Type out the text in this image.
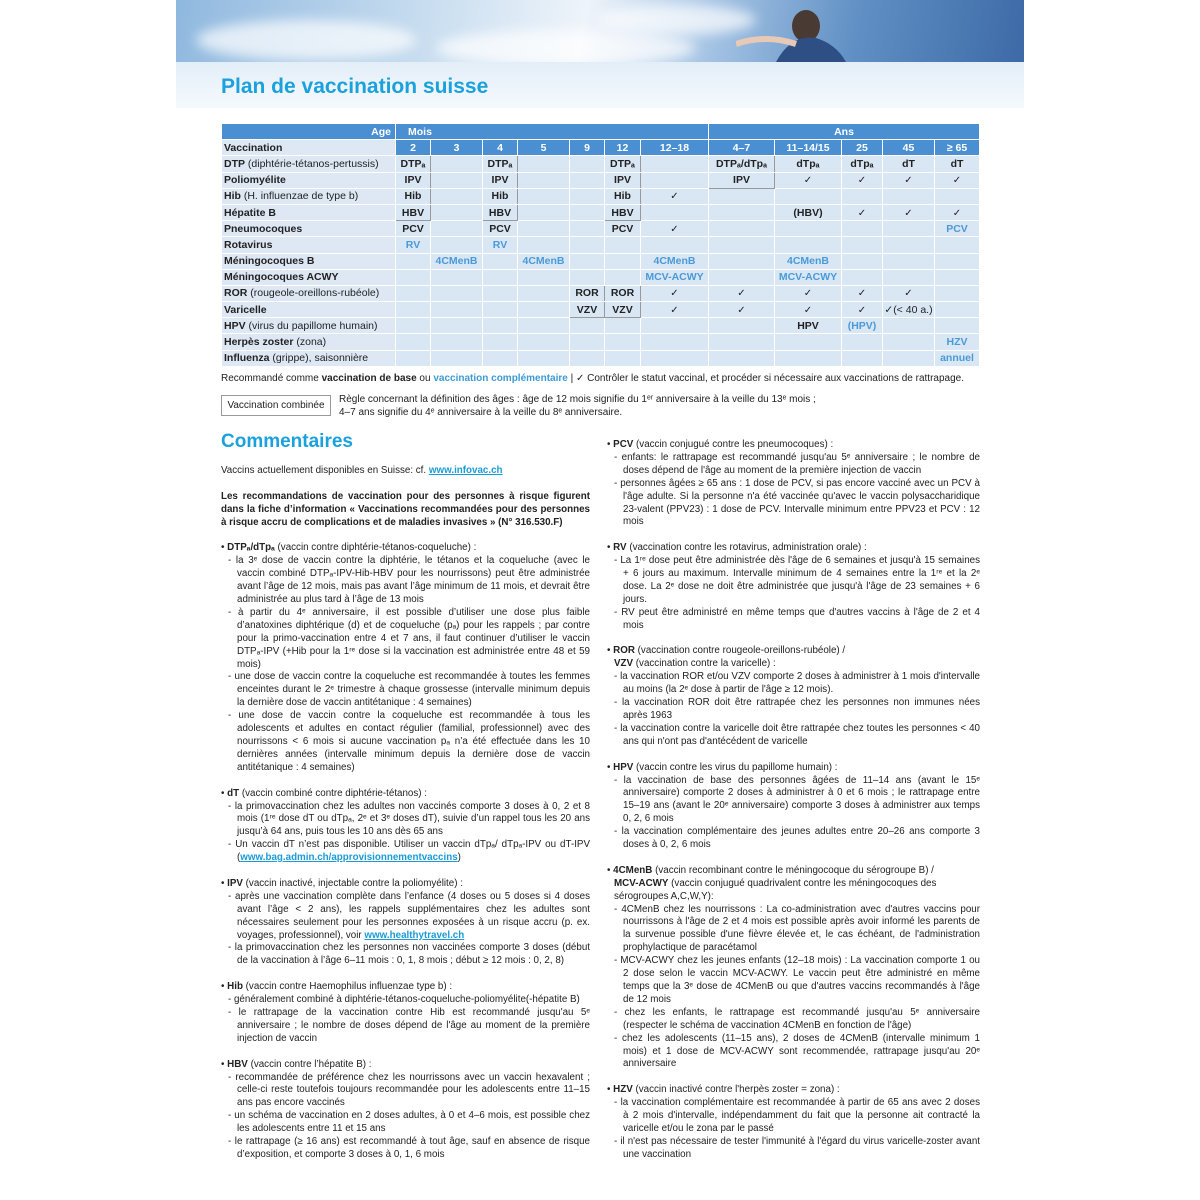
Plan de vaccination suisse
Age	Mois							Ans				
Vaccination	2	3	4	5	9	12	12–18	4–7	11–14/15	25	45	≥ 65
DTP (diphtérie-tétanos-pertussis)	DTPₐ		DTPₐ			DTPₐ		DTPₐ/dTpₐ	dTpₐ	dTpₐ	dT	dT
Poliomyélite	IPV		IPV			IPV		IPV	✓	✓	✓	✓
Hib (H. influenzae de type b)	Hib		Hib			Hib	✓					
Hépatite B	HBV		HBV			HBV			(HBV)	✓	✓	✓
Pneumocoques	PCV		PCV			PCV	✓					PCV
Rotavirus	RV		RV									
Méningocoques B		4CMenB		4CMenB			4CMenB		4CMenB			
Méningocoques ACWY							MCV-ACWY		MCV-ACWY			
ROR (rougeole-oreillons-rubéole)					ROR	ROR	✓	✓	✓	✓	✓	
Varicelle					VZV	VZV	✓	✓	✓	✓	✓(< 40 a.)	
HPV (virus du papillome humain)									HPV	(HPV)		
Herpès zoster (zona)												HZV
Influenza (grippe), saisonnière												annuel
Recommandé comme vaccination de base ou vaccination complémentaire | ✓ Contrôler le statut vaccinal, et procéder si nécessaire aux vaccinations de rattrapage.
Vaccination combinée
Règle concernant la définition des âges : âge de 12 mois signifie du 1ᵉʳ anniversaire à la veille du 13ᵉ mois ;
4–7 ans signifie du 4ᵉ anniversaire à la veille du 8ᵉ anniversaire.
Commentaires

Vaccins actuellement disponibles en Suisse: cf. www.infovac.ch

Les recommandations de vaccination pour des personnes à risque figurent dans la fiche d’information « Vaccinations recommandées pour des personnes à risque accru de complications et de maladies invasives » (N° 316.530.F)

• DTPₐ/dTpₐ (vaccin contre diphtérie-tétanos-coqueluche) :
- la 3ᵉ dose de vaccin contre la diphtérie, le tétanos et la coqueluche (avec le vaccin combiné DTPₐ-IPV-Hib-HBV pour les nourrissons) peut être administrée avant l’âge de 12 mois, mais pas avant l’âge minimum de 11 mois, et devrait être administrée au plus tard à l’âge de 13 mois
- à partir du 4ᵉ anniversaire, il est possible d’utiliser une dose plus faible d’anatoxines diphtérique (d) et de coqueluche (pₐ) pour les rappels ; par contre pour la primo-vaccination entre 4 et 7 ans, il faut continuer d’utiliser le vaccin DTPₐ-IPV (+Hib pour la 1ʳᵉ dose si la vaccination est administrée entre 48 et 59 mois)
- une dose de vaccin contre la coqueluche est recommandée à toutes les femmes enceintes durant le 2ᵉ trimestre à chaque grossesse (intervalle minimum depuis la dernière dose de vaccin antitétanique : 4 semaines)
- une dose de vaccin contre la coqueluche est recommandée à tous les adolescents et adultes en contact régulier (familial, professionnel) avec des nourrissons < 6 mois si aucune vaccination pₐ n’a été effectuée dans les 10 dernières années (intervalle minimum depuis la dernière dose de vaccin antitétanique : 4 semaines)
• dT (vaccin combiné contre diphtérie-tétanos) :
- la primovaccination chez les adultes non vaccinés comporte 3 doses à 0, 2 et 8 mois (1ʳᵉ dose dT ou dTpₐ, 2ᵉ et 3ᵉ doses dT), suivie d’un rappel tous les 20 ans jusqu’à 64 ans, puis tous les 10 ans dès 65 ans
- Un vaccin dT n’est pas disponible. Utiliser un vaccin dTpₐ/ dTpₐ-IPV ou dT-IPV (www.bag.admin.ch/approvisionnementvaccins)
• IPV (vaccin inactivé, injectable contre la poliomyélite) :
- après une vaccination complète dans l’enfance (4 doses ou 5 doses si 4 doses avant l’âge < 2 ans), les rappels supplémentaires chez les adultes sont nécessaires seulement pour les personnes exposées à un risque accru (p. ex. voyages, professionnel), voir www.healthytravel.ch
- la primovaccination chez les personnes non vaccinées comporte 3 doses (début de la vaccination à l’âge 6–11 mois : 0, 1, 8 mois ; début ≥ 12 mois : 0, 2, 8)
• Hib (vaccin contre Haemophilus influenzae type b) :
- généralement combiné à diphtérie-tétanos-coqueluche-poliomyélite(-hépatite B)
- le rattrapage de la vaccination contre Hib est recommandé jusqu'au 5ᵉ anniversaire ; le nombre de doses dépend de l'âge au moment de la première injection de vaccin
• HBV (vaccin contre l’hépatite B) :
- recommandée de préférence chez les nourrissons avec un vaccin hexavalent ; celle-ci reste toutefois toujours recommandée pour les adolescents entre 11–15 ans pas encore vaccinés
- un schéma de vaccination en 2 doses adultes, à 0 et 4–6 mois, est possible chez les adolescents entre 11 et 15 ans
- le rattrapage (≥ 16 ans) est recommandé à tout âge, sauf en absence de risque d’exposition, et comporte 3 doses à 0, 1, 6 mois
• PCV (vaccin conjugué contre les pneumocoques) :
- enfants: le rattrapage est recommandé jusqu'au 5ᵉ anniversaire ; le nombre de doses dépend de l'âge au moment de la première injection de vaccin
- personnes âgées ≥ 65 ans : 1 dose de PCV, si pas encore vacciné avec un PCV à l'âge adulte. Si la personne n'a été vaccinée qu'avec le vaccin polysaccharidique 23-valent (PPV23) : 1 dose de PCV. Intervalle minimum entre PPV23 et PCV : 12 mois
• RV (vaccination contre les rotavirus, administration orale) :
- La 1ʳᵉ dose peut être administrée dès l'âge de 6 semaines et jusqu'à 15 semaines + 6 jours au maximum. Intervalle minimum de 4 semaines entre la 1ʳᵉ et la 2ᵉ dose. La 2ᵉ dose ne doit être administrée que jusqu'à l'âge de 23 semaines + 6 jours.
- RV peut être administré en même temps que d'autres vaccins à l'âge de 2 et 4 mois
• ROR (vaccination contre rougeole-oreillons-rubéole) /
VZV (vaccination contre la varicelle) :
- la vaccination ROR et/ou VZV comporte 2 doses à administrer à 1 mois d'intervalle au moins (la 2ᵉ dose à partir de l'âge ≥ 12 mois).
- la vaccination ROR doit être rattrapée chez les personnes non immunes nées après 1963
- la vaccination contre la varicelle doit être rattrapée chez toutes les personnes < 40 ans qui n'ont pas d'antécédent de varicelle
• HPV (vaccin contre les virus du papillome humain) :
- la vaccination de base des personnes âgées de 11–14 ans (avant le 15ᵉ anniversaire) comporte 2 doses à administrer à 0 et 6 mois ; le rattrapage entre 15–19 ans (avant le 20ᵉ anniversaire) comporte 3 doses à administrer aux temps 0, 2, 6 mois
- la vaccination complémentaire des jeunes adultes entre 20–26 ans comporte 3 doses à 0, 2, 6 mois
• 4CMenB (vaccin recombinant contre le méningocoque du sérogroupe B) /
MCV-ACWY (vaccin conjugué quadrivalent contre les méningocoques des sérogroupes A,C,W,Y):
- 4CMenB chez les nourrissons : La co-administration avec d'autres vaccins pour nourrissons à l'âge de 2 et 4 mois est possible après avoir informé les parents de la survenue possible d'une fièvre élevée et, le cas échéant, de l'administration prophylactique de paracétamol
- MCV-ACWY chez les jeunes enfants (12–18 mois) : La vaccination comporte 1 ou 2 dose selon le vaccin MCV-ACWY. Le vaccin peut être administré en même temps que la 3ᵉ dose de 4CMenB ou que d'autres vaccins recommandés à l'âge de 12 mois
- chez les enfants, le rattrapage est recommandé jusqu'au 5ᵉ anniversaire (respecter le schéma de vaccination 4CMenB en fonction de l'âge)
- chez les adolescents (11–15 ans), 2 doses de 4CMenB (intervalle minimum 1 mois) et 1 dose de MCV-ACWY sont recommendée, rattrapage jusqu'au 20ᵉ anniversaire
• HZV (vaccin inactivé contre l'herpès zoster = zona) :
- la vaccination complémentaire est recommandée à partir de 65 ans avec 2 doses à 2 mois d'intervalle, indépendamment du fait que la personne ait contracté la varicelle et/ou le zona par le passé
- il n'est pas nécessaire de tester l'immunité à l'égard du virus varicelle-zoster avant une vaccination
